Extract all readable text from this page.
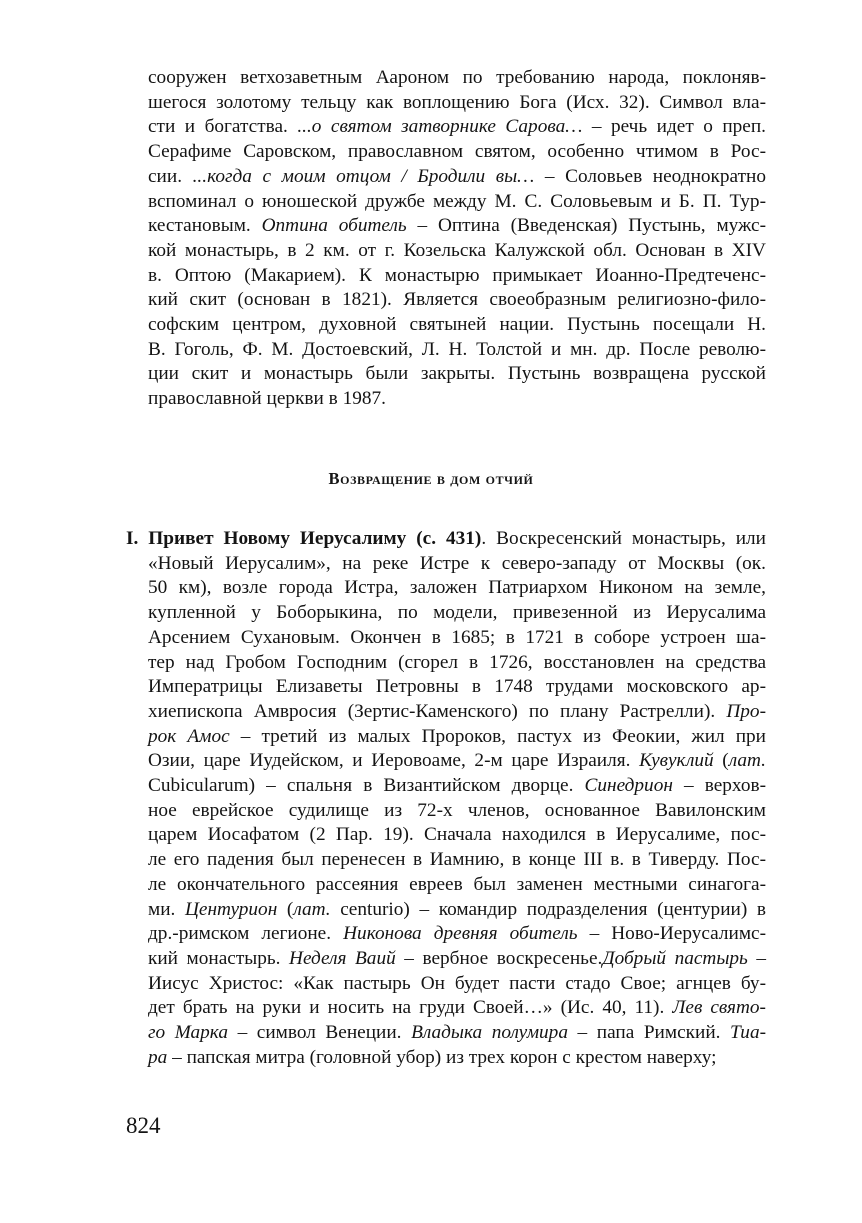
сооружен ветхозаветным Аароном по требованию народа, поклоняв-
шегося золотому тельцу как воплощению Бога (Исх. 32). Символ вла-
сти и богатства. ...о святом затворнике Сарова… – речь идет о преп.
Серафиме Саровском, православном святом, особенно чтимом в Рос-
сии. ...когда с моим отцом / Бродили вы… – Соловьев неоднократно
вспоминал о юношеской дружбе между М. С. Соловьевым и Б. П. Тур-
кестановым. Оптина обитель – Оптина (Введенская) Пустынь, мужс-
кой монастырь, в 2 км. от г. Козельска Калужской обл. Основан в XIV
в. Оптою (Макарием). К монастырю примыкает Иоанно-Предтеченс-
кий скит (основан в 1821). Является своеобразным религиозно-фило-
софским центром, духовной святыней нации. Пустынь посещали Н.
В. Гоголь, Ф. М. Достоевский, Л. Н. Толстой и мн. др. После револю-
ции скит и монастырь были закрыты. Пустынь возвращена русской
православной церкви в 1987.
Возвращение в дом отчий
I. Привет Новому Иерусалиму (с. 431). Воскресенский монастырь, или
«Новый Иерусалим», на реке Истре к северо-западу от Москвы (ок.
50 км), возле города Истра, заложен Патриархом Никоном на земле,
купленной у Боборыкина, по модели, привезенной из Иерусалима
Арсением Сухановым. Окончен в 1685; в 1721 в соборе устроен ша-
тер над Гробом Господним (сгорел в 1726, восстановлен на средства
Императрицы Елизаветы Петровны в 1748 трудами московского ар-
хиепископа Амвросия (Зертис-Каменского) по плану Растрелли). Про-
рок Амос – третий из малых Пророков, пастух из Феокии, жил при
Озии, царе Иудейском, и Иеровоаме, 2-м царе Израиля. Кувуклий (лат.
Cubicularum) – спальня в Византийском дворце. Синедрион – верхов-
ное еврейское судилище из 72-х членов, основанное Вавилонским
царем Иосафатом (2 Пар. 19). Сначала находился в Иерусалиме, пос-
ле его падения был перенесен в Иамнию, в конце III в. в Тиверду. Пос-
ле окончательного рассеяния евреев был заменен местными синагога-
ми. Центурион (лат. centurio) – командир подразделения (центурии) в
др.-римском легионе. Никонова древняя обитель – Ново-Иерусалимс-
кий монастырь. Неделя Ваий – вербное воскресенье.Добрый пастырь –
Иисус Христос: «Как пастырь Он будет пасти стадо Свое; агнцев бу-
дет брать на руки и носить на груди Своей…» (Ис. 40, 11). Лев свято-
го Марка – символ Венеции. Владыка полумира – папа Римский. Тиа-
ра – папская митра (головной убор) из трех корон с крестом наверху;
824
